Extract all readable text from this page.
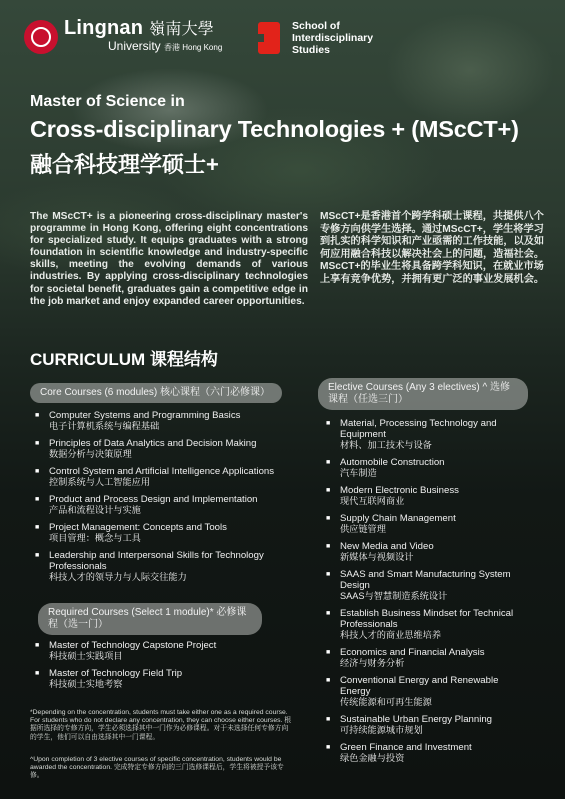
Lingnan 嶺南大學
University 香港 Hong Kong
School of
Interdisciplinary
Studies
Master of Science in
Cross-disciplinary Technologies + (MScCT+)
融合科技理学硕士+
The MScCT+ is a pioneering cross-disciplinary master's programme in Hong Kong, offering eight concentrations for specialized study. It equips graduates with a strong foundation in scientific knowledge and industry-specific skills, meeting the evolving demands of various industries. By applying cross-disciplinary technologies for societal benefit, graduates gain a competitive edge in the job market and enjoy expanded career opportunities.
MScCT+是香港首个跨学科硕士课程，共提供八个专修方向供学生选择。通过MScCT+，学生将学习到扎实的科学知识和产业亟需的工作技能，以及如何应用融合科技以解决社会上的问题，造福社会。MScCT+的毕业生将具备跨学科知识，在就业市场上享有竞争优势，并拥有更广泛的事业发展机会。
CURRICULUM 课程结构
Core Courses (6 modules) 核心课程（六门必修课）
■ Computer Systems and Programming Basics
电子计算机系统与编程基础
■ Principles of Data Analytics and Decision Making
数据分析与决策原理
■ Control System and Artificial Intelligence Applications
控制系统与人工智能应用
■ Product and Process Design and Implementation
产品和流程设计与实施
■ Project Management: Concepts and Tools
项目管理：概念与工具
■ Leadership and Interpersonal Skills for Technology Professionals
科技人才的领导力与人际交往能力
Required Courses (Select 1 module)* 必修课程（选一门）
■ Master of Technology Capstone Project
科技硕士实践项目
■ Master of Technology Field Trip
科技硕士实地考察
Elective Courses (Any 3 electives) ^ 选修课程（任选三门）
■ Material, Processing Technology and Equipment
材料、加工技术与设备
■ Automobile Construction
汽车制造
■ Modern Electronic Business
现代互联网商业
■ Supply Chain Management
供应链管理
■ New Media and Video
新媒体与视频设计
■ SAAS and Smart Manufacturing System Design
SAAS与智慧制造系统设计
■ Establish Business Mindset for Technical Professionals
科技人才的商业思维培养
■ Economics and Financial Analysis
经济与财务分析
■ Conventional Energy and Renewable Energy
传统能源和可再生能源
■ Sustainable Urban Energy Planning
可持续能源城市规划
■ Green Finance and Investment
绿色金融与投资
*Depending on the concentration, students must take either one as a required course. For students who do not declare any concentration, they can choose either courses. 根据所选择的专修方向，学生必须选择其中一门作为必修课程。对于未选择任何专修方向的学生，他们可以自由选择其中一门课程。
^Upon completion of 3 elective courses of specific concentration, students would be awarded the concentration. 完成特定专修方向的三门选修课程后，学生将被授予该专修。
